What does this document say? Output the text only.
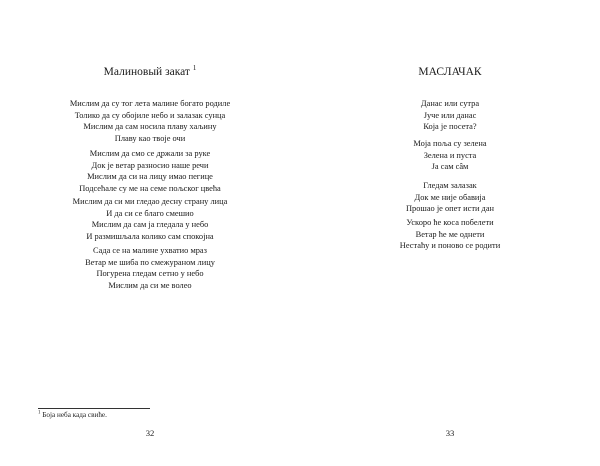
Малиновый закат $^1$
Мислим да су тог лета малине богато родиле
Толико да су обојиле небо и залазак сунца
Мислим да сам носила плаву хаљину
Плаву као твоје очи
Мислим да смо се држали за руке
Док је ветар разносио наше речи
Мислим да си на лицу имао пегице
Подсећале су ме на семе пољског цвећа
Мислим да си ми гледао десну страну лица
И да си се благо смешио
Мислим да сам ја гледала у небо
И размишљала колико сам спокојна
Сада се на малине ухватио мраз
Ветар ме шиба по смежураном лицу
Погурена гледам сетно у небо
Мислим да си ме волео
$^1$ Боја неба када свиће.
32
МАСЛАЧАК
Данас или сутра
Јуче или данас
Која је посета?
Моја поља су зелена
Зелена и пуста
Ја сам сâм
Гледам залазак
Док ме није обавија
Прошао је опет исти дан
Ускоро ће коса побелети
Ветар ће ме однети
Нестаћу и поново се родити
33
